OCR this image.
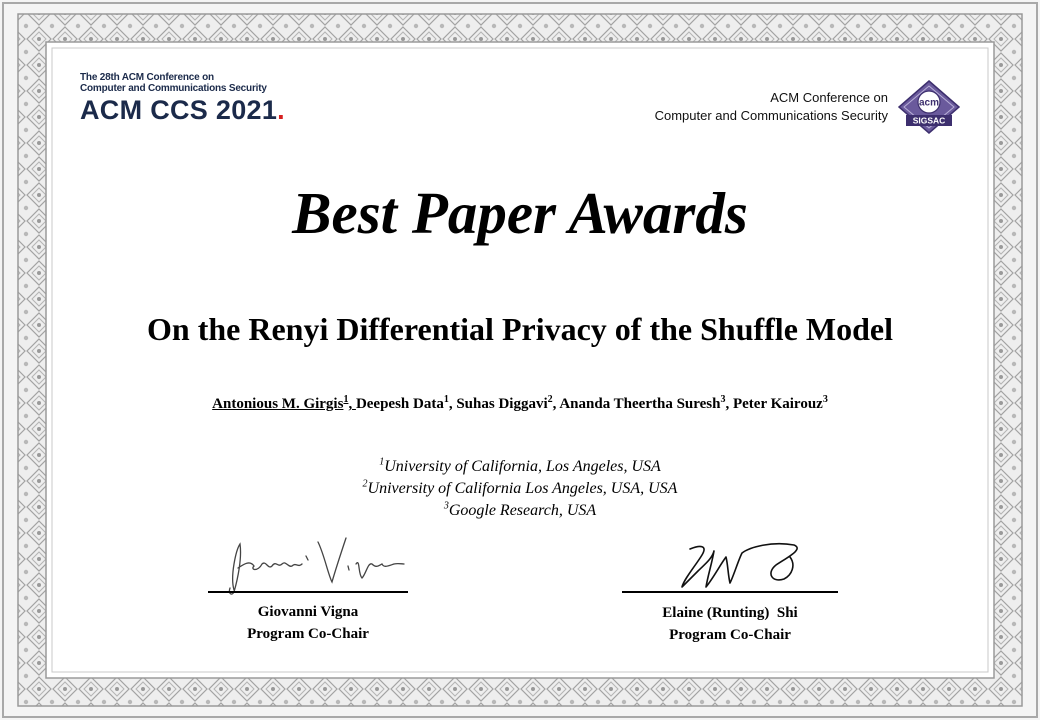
The 28th ACM Conference on
Computer and Communications Security
ACM CCS 2021.	ACM Conference on
Computer and Communications Security
acm
SIGSAC
Best Paper Awards
On the Renyi Differential Privacy of the Shuffle Model
Antonious M. Girgis$^1$, Deepesh Data$^1$, Suhas Diggavi$^2$, Ananda Theertha Suresh$^3$, Peter Kairouz$^3$
$^1$University of California, Los Angeles, USA
$^2$University of California Los Angeles, USA, USA
$^3$Google Research, USA
Giovanni Vigna
Program Co-Chair
Elaine (Runting)  Shi
Program Co-Chair
